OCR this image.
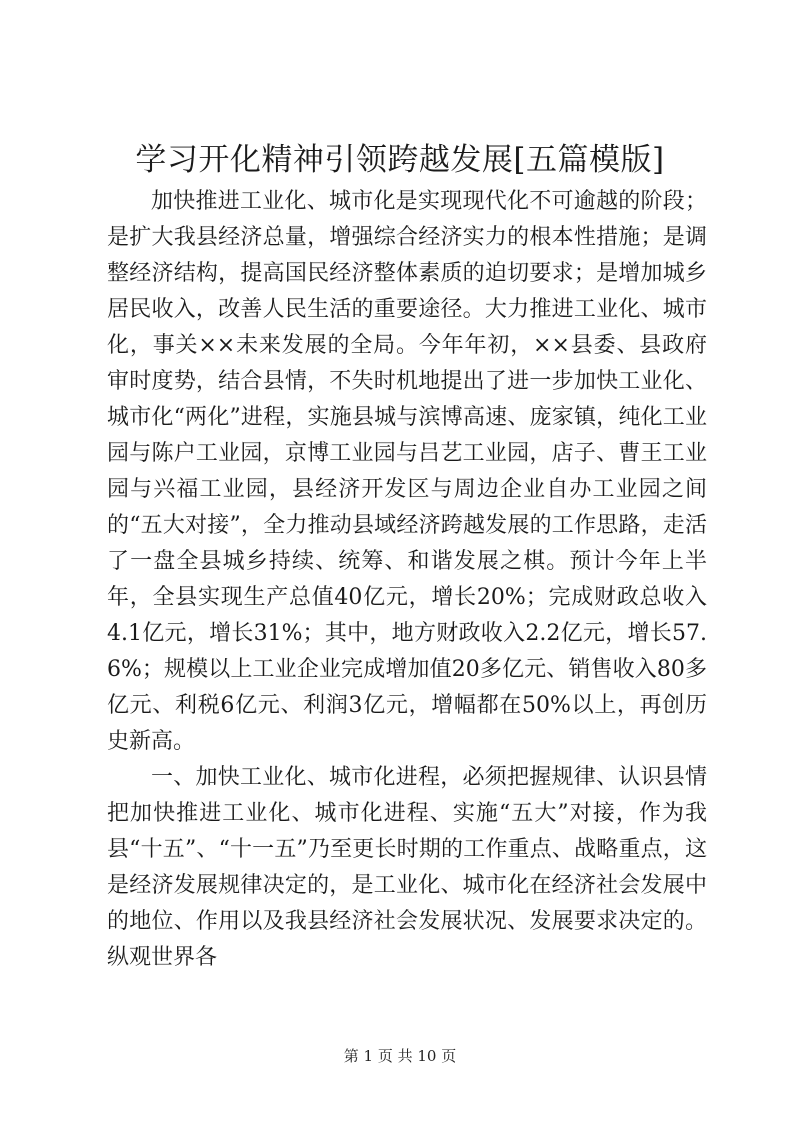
学习开化精神引领跨越发展[五篇模版]

加快推进工业化、城市化是实现现代化不可逾越的阶段；是扩大我县经济总量，增强综合经济实力的根本性措施；是调整经济结构，提高国民经济整体素质的迫切要求；是增加城乡居民收入，改善人民生活的重要途径。大力推进工业化、城市化，事关××未来发展的全局。今年年初，××县委、县政府审时度势，结合县情，不失时机地提出了进一步加快工业化、城市化“两化”进程，实施县城与滨博高速、庞家镇，纯化工业园与陈户工业园，京博工业园与吕艺工业园，店子、曹王工业园与兴福工业园，县经济开发区与周边企业自办工业园之间的“五大对接”，全力推动县域经济跨越发展的工作思路，走活了一盘全县城乡持续、统筹、和谐发展之棋。预计今年上半年，全县实现生产总值40亿元，增长20%；完成财政总收入4.1亿元，增长31%；其中，地方财政收入2.2亿元，增长57.6%；规模以上工业企业完成增加值20多亿元、销售收入80多亿元、利税6亿元、利润3亿元，增幅都在50%以上，再创历史新高。

一、加快工业化、城市化进程，必须把握规律、认识县情把加快推进工业化、城市化进程、实施“五大”对接，作为我县“十五”、“十一五”乃至更长时期的工作重点、战略重点，这是经济发展规律决定的，是工业化、城市化在经济社会发展中的地位、作用以及我县经济社会发展状况、发展要求决定的。纵观世界各

第 1 页 共 10 页
